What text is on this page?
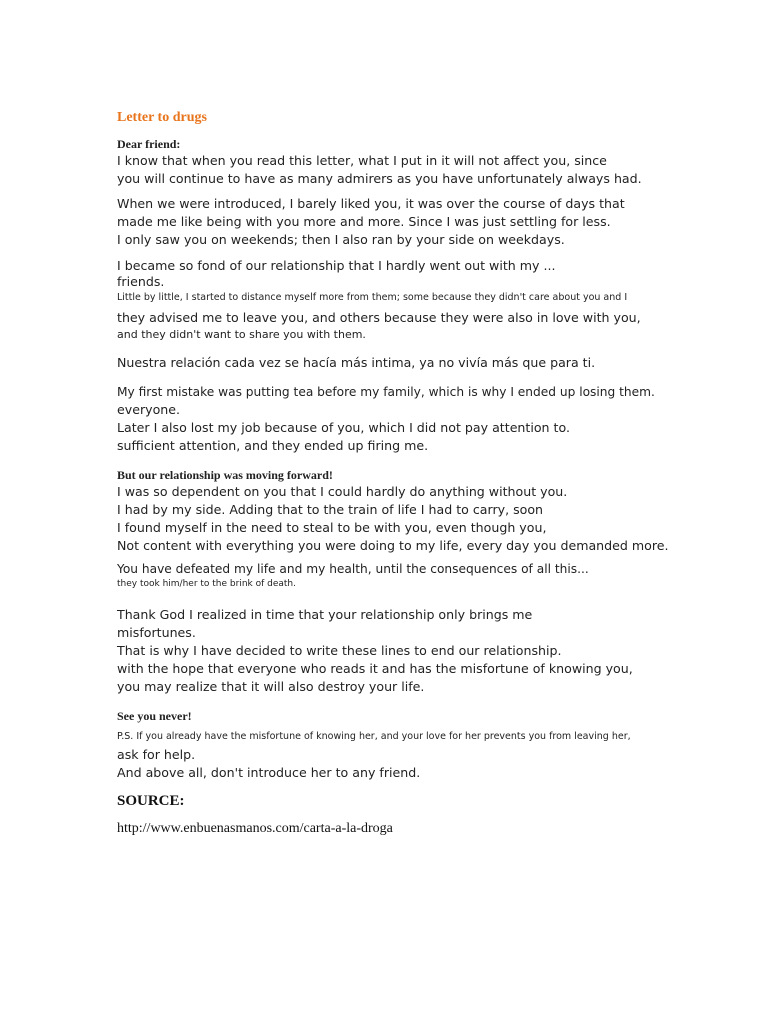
Letter to drugs

Dear friend:

I know that when you read this letter, what I put in it will not affect you, since

you will continue to have as many admirers as you have unfortunately always had.

When we were introduced, I barely liked you, it was over the course of days that

made me like being with you more and more. Since I was just settling for less.

I only saw you on weekends; then I also ran by your side on weekdays.

I became so fond of our relationship that I hardly went out with my ...

friends.

Little by little, I started to distance myself more from them; some because they didn't care about you and I

they advised me to leave you, and others because they were also in love with you,

and they didn't want to share you with them.

Nuestra relación cada vez se hacía más intima, ya no vivía más que para ti.

My first mistake was putting tea before my family, which is why I ended up losing them.

everyone.

Later I also lost my job because of you, which I did not pay attention to.

sufficient attention, and they ended up firing me.

But our relationship was moving forward!

I was so dependent on you that I could hardly do anything without you.

I had by my side. Adding that to the train of life I had to carry, soon

I found myself in the need to steal to be with you, even though you,

Not content with everything you were doing to my life, every day you demanded more.

You have defeated my life and my health, until the consequences of all this...

they took him/her to the brink of death.

Thank God I realized in time that your relationship only brings me

misfortunes.

That is why I have decided to write these lines to end our relationship.

with the hope that everyone who reads it and has the misfortune of knowing you,

you may realize that it will also destroy your life.

See you never!

P.S. If you already have the misfortune of knowing her, and your love for her prevents you from leaving her,

ask for help.

And above all, don't introduce her to any friend.

SOURCE:

http://www.enbuenasmanos.com/carta-a-la-droga
